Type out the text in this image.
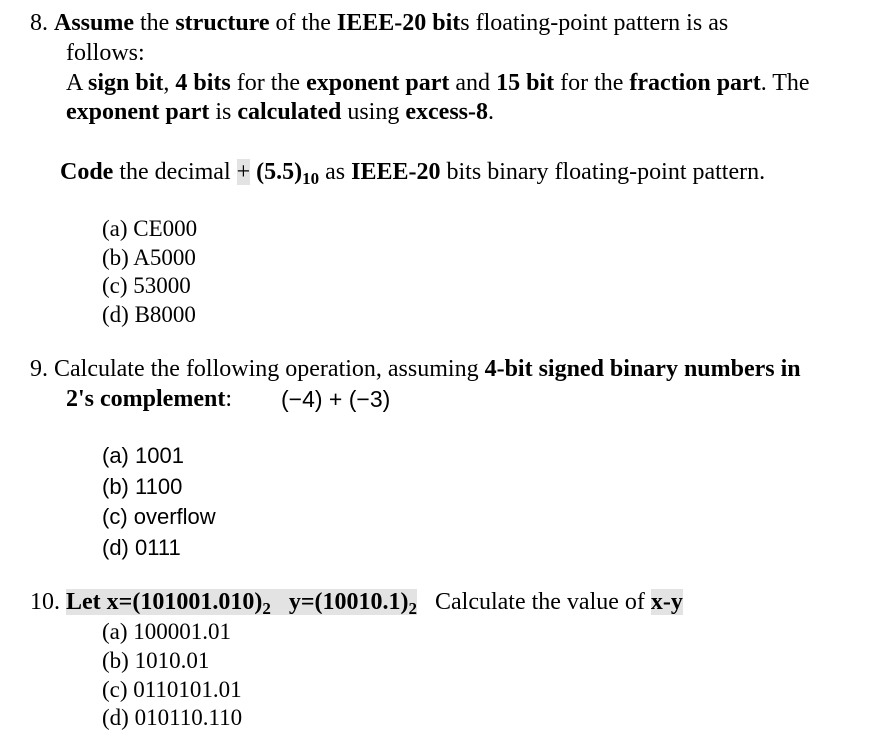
8. Assume the structure of the IEEE-20 bits floating-point pattern is as
follows:
A sign bit, 4 bits for the exponent part and 15 bit for the fraction part. The
exponent part is calculated using excess-8.
Code the decimal + $(5.5)_{10}$ as IEEE-20 bits binary floating-point pattern.
(a) CE000
(b) A5000
(c) 53000
(d) B8000
9. Calculate the following operation, assuming 4-bit signed binary numbers in
2's complement: (−4) + (−3)
(a) 1001
(b) 1100
(c) overflow
(d) 0111
10. Let $x=(101001.010)_2$ $y=(10010.1)_2$ Calculate the value of x-y
(a) 100001.01
(b) 1010.01
(c) 0110101.01
(d) 010110.110
